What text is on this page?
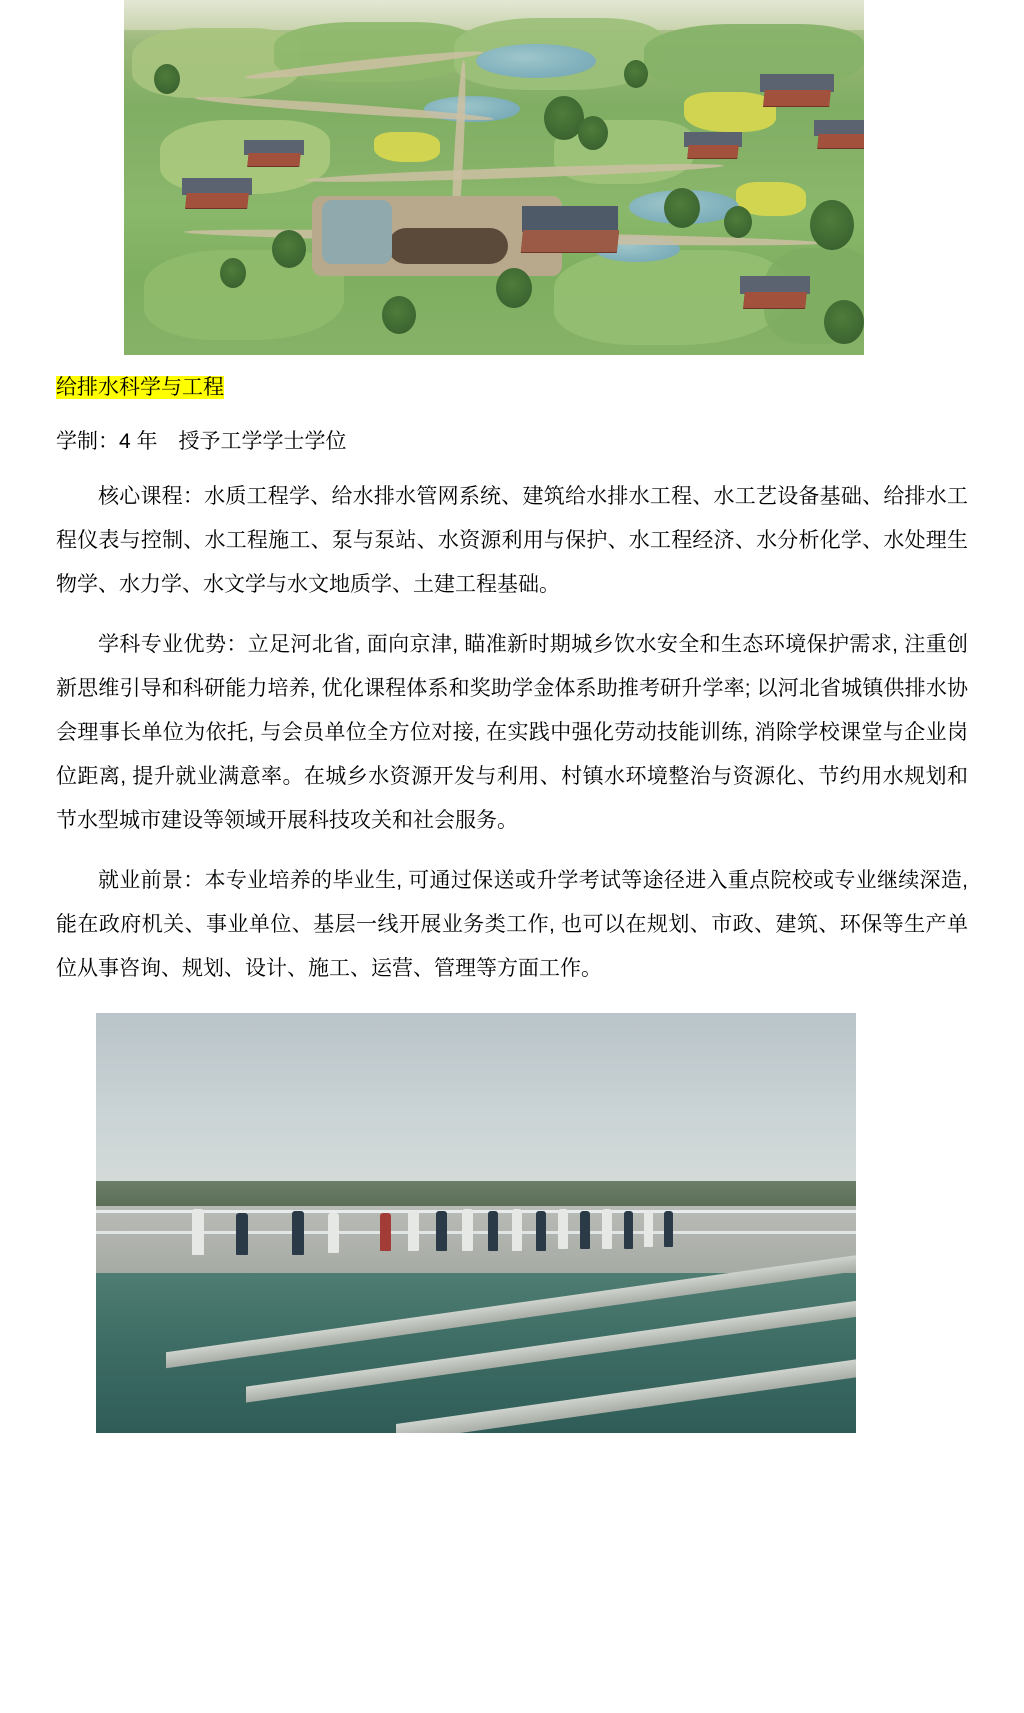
给排水科学与工程

学制：4 年　授予工学学士学位

核心课程：水质工程学、给水排水管网系统、建筑给水排水工程、水工艺设备基础、给排水工程仪表与控制、水工程施工、泵与泵站、水资源利用与保护、水工程经济、水分析化学、水处理生物学、水力学、水文学与水文地质学、土建工程基础。

学科专业优势：立足河北省, 面向京津, 瞄准新时期城乡饮水安全和生态环境保护需求, 注重创新思维引导和科研能力培养, 优化课程体系和奖助学金体系助推考研升学率; 以河北省城镇供排水协会理事长单位为依托, 与会员单位全方位对接, 在实践中强化劳动技能训练, 消除学校课堂与企业岗位距离, 提升就业满意率。在城乡水资源开发与利用、村镇水环境整治与资源化、节约用水规划和节水型城市建设等领域开展科技攻关和社会服务。

就业前景：本专业培养的毕业生, 可通过保送或升学考试等途径进入重点院校或专业继续深造, 能在政府机关、事业单位、基层一线开展业务类工作, 也可以在规划、市政、建筑、环保等生产单位从事咨询、规划、设计、施工、运营、管理等方面工作。
